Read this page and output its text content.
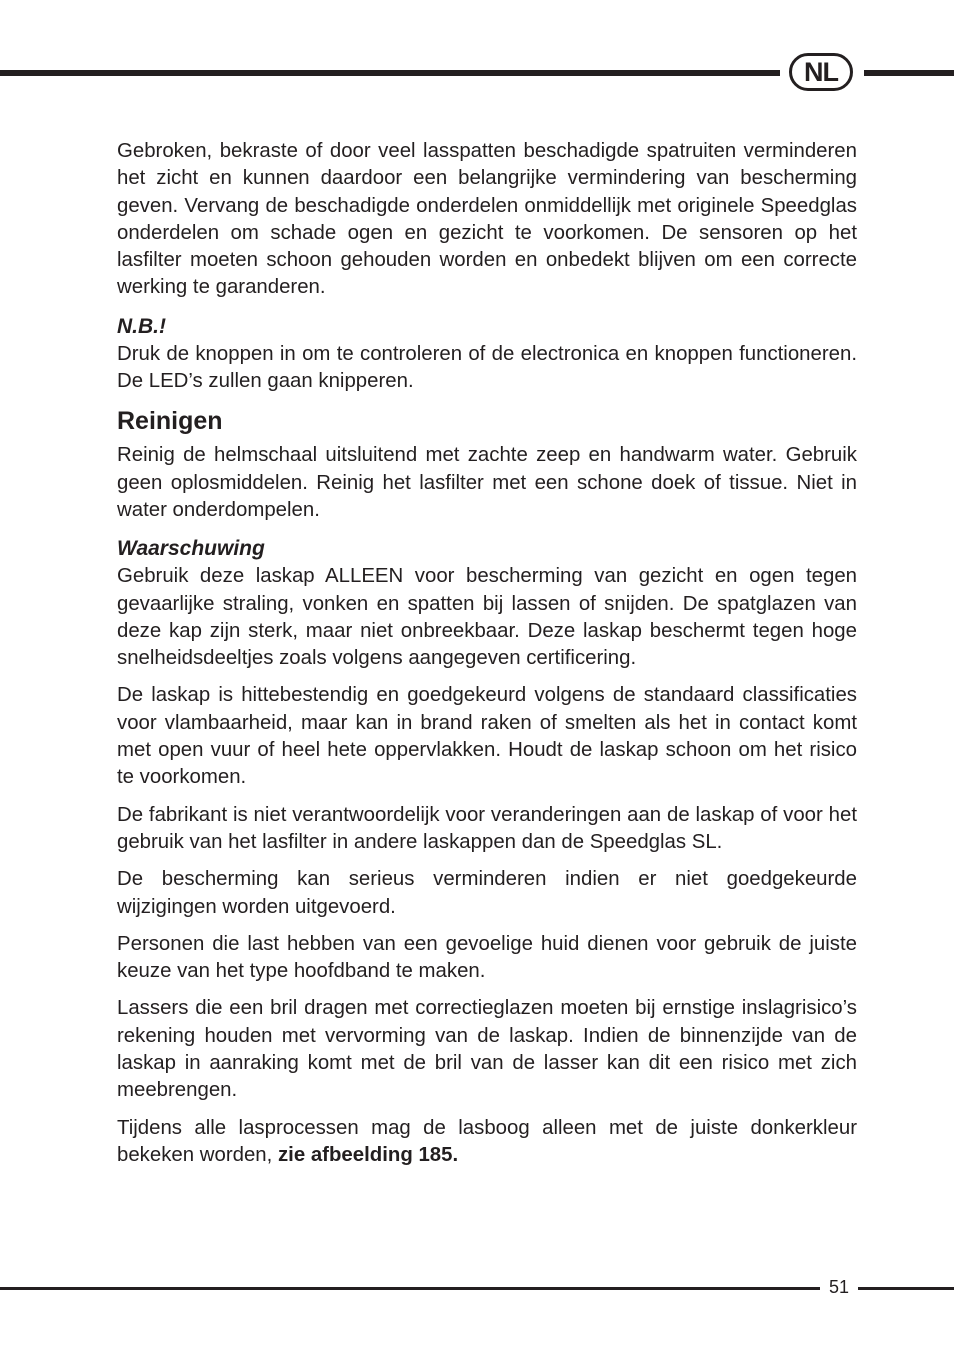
NL

Gebroken, bekraste of door veel lasspatten beschadigde spatruiten verminderen het zicht en kunnen daardoor een belangrijke vermindering van bescherming geven. Vervang de beschadigde onderdelen onmiddellijk met originele Speedglas onderdelen om schade ogen en gezicht te voorkomen. De sensoren op het lasfilter moeten schoon gehouden worden en onbedekt blijven om een correcte werking te garanderen.

N.B.!

Druk de knoppen in om te controleren of de electronica en knoppen functioneren. De LED’s zullen gaan knipperen.

Reinigen

Reinig de helmschaal uitsluitend met zachte zeep en handwarm water. Gebruik geen oplosmiddelen. Reinig het lasfilter met een schone doek of tissue. Niet in water onderdompelen.

Waarschuwing

Gebruik deze laskap ALLEEN voor bescherming van gezicht en ogen tegen gevaarlijke straling, vonken en spatten bij lassen of snijden. De spatglazen van deze kap zijn sterk, maar niet onbreekbaar. Deze laskap beschermt tegen hoge snelheidsdeeltjes zoals volgens aangegeven certificering.

De laskap is hittebestendig en goedgekeurd volgens de standaard classificaties voor vlambaarheid, maar kan in brand raken of smelten als het in contact komt met open vuur of heel hete oppervlakken. Houdt de laskap schoon om het risico te voorkomen.

De fabrikant is niet verantwoordelijk voor veranderingen aan de laskap of voor het gebruik van het lasfilter in andere laskappen dan de Speedglas SL.

De bescherming kan serieus verminderen indien er niet goedgekeurde wijzigingen worden uitgevoerd.

Personen die last hebben van een gevoelige huid dienen voor gebruik de juiste keuze van het type hoofdband te maken.

Lassers die een bril dragen met correctieglazen moeten bij ernstige inslagrisico’s rekening houden met vervorming van de laskap. Indien de binnenzijde van de laskap in aanraking komt met de bril van de lasser kan dit een risico met zich meebrengen.

Tijdens alle lasprocessen mag de lasboog alleen met de juiste donkerkleur bekeken worden, zie afbeelding 185.

51
